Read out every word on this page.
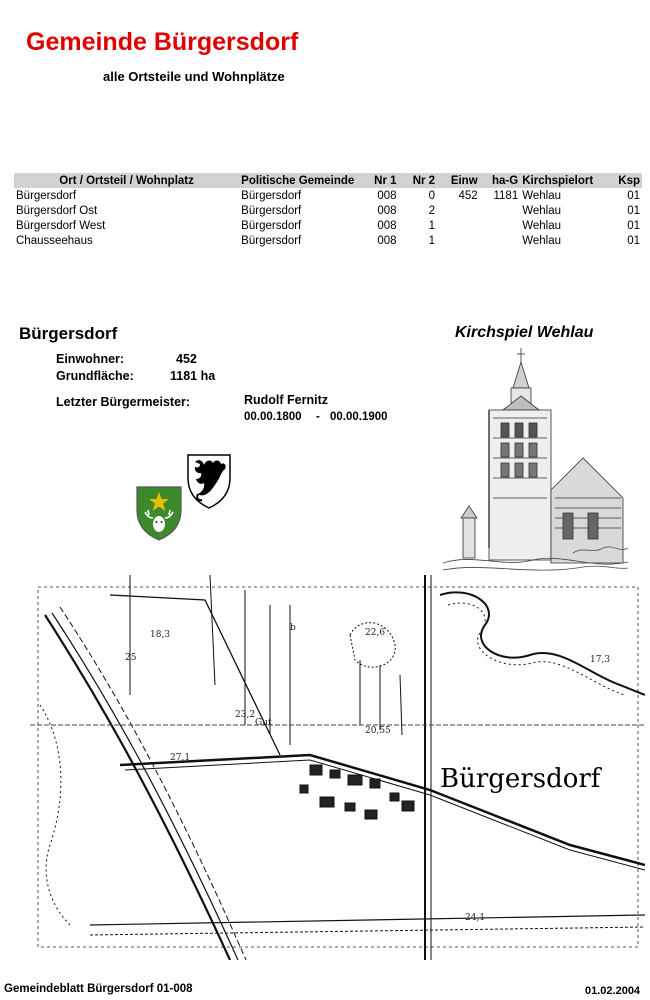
Gemeinde Bürgersdorf
alle Ortsteile und Wohnplätze
Ort / Ortsteil / Wohnplatz	Politische Gemeinde	Nr 1	Nr 2	Einw	ha-G	Kirchspielort	Ksp
Bürgersdorf	Bürgersdorf	008	0	452	1181	Wehlau	01
Bürgersdorf Ost	Bürgersdorf	008	2			Wehlau	01
Bürgersdorf West	Bürgersdorf	008	1			Wehlau	01
Chausseehaus	Bürgersdorf	008	1			Wehlau	01
Bürgersdorf	Kirchspiel Wehlau
Einwohner:	452
Grundfläche:	1181 ha
Letzter Bürgermeister:	Rudolf Fernitz
00.00.1800 - 00.00.1900
Bürgersdorf
b	22,6
23,2
20,55
24,1
Gut
25
27,1
18,3
17,3
Gemeindeblatt Bürgersdorf 01-008	01.02.2004
